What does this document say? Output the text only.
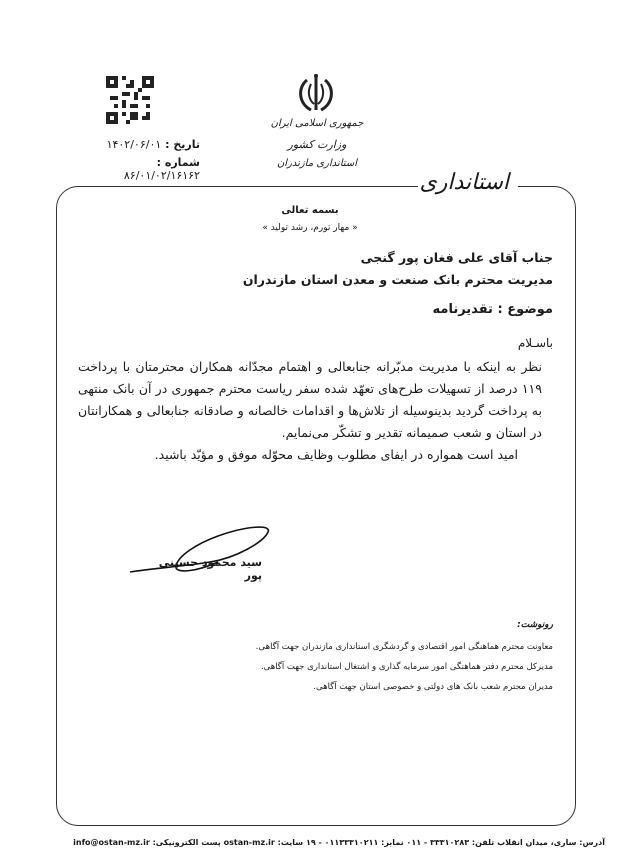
استانداری
جمهوری اسلامی ایران
وزارت کشور
استانداری مازندران
تاریخ : ۱۴۰۲/۰۶/۰۱
شماره : ۸۶/۰۱/۰۲/۱۶۱۶۲
بسمه تعالی
« مهار تورم، رشد تولید »
جناب آقای علی فغان پور گنجی
مدیریت محترم بانک صنعت و معدن استان مازندران
موضوع : تقدیرنامه
باسـلام
نظر به اینکه با مدیریت مدبّرانه جنابعالی و اهتمام مجدّانه همکاران محترمتان با پرداخت ۱۱۹ درصد از تسهیلات طرح‌های تعهّد شده سفر ریاست محترم جمهوری در آن بانک منتهی به پرداخت گردید بدینوسیله از تلاش‌ها و اقدامات خالصانه و صادقانه جنابعالی و همکارانتان در استان و شعب صمیمانه تقدیر و تشکّر می‌نمایم.
امید است همواره در ایفای مطلوب وظایف محوّله موفق و مؤیّد باشید.
سید محمود حسینی پور
رونوشت:
معاونت محترم هماهنگی امور اقتصادی و گردشگری استانداری مازندران جهت آگاهی.
مدیرکل محترم دفتر هماهنگی امور سرمایه گذاری و اشتغال استانداری جهت آگاهی.
مدیران محترم شعب بانک های دولتی و خصوصی استان جهت آگاهی.
آدرس: ساری، میدان انقلاب تلفن: ۳۳۳۱۰۲۸۳ - ۰۱۱ نمابر: ۰۱۱۳۳۳۱۰۲۱۱ - ۱۹ سایت: ostan-mz.ir پست الکترونیکی: info@ostan-mz.ir
